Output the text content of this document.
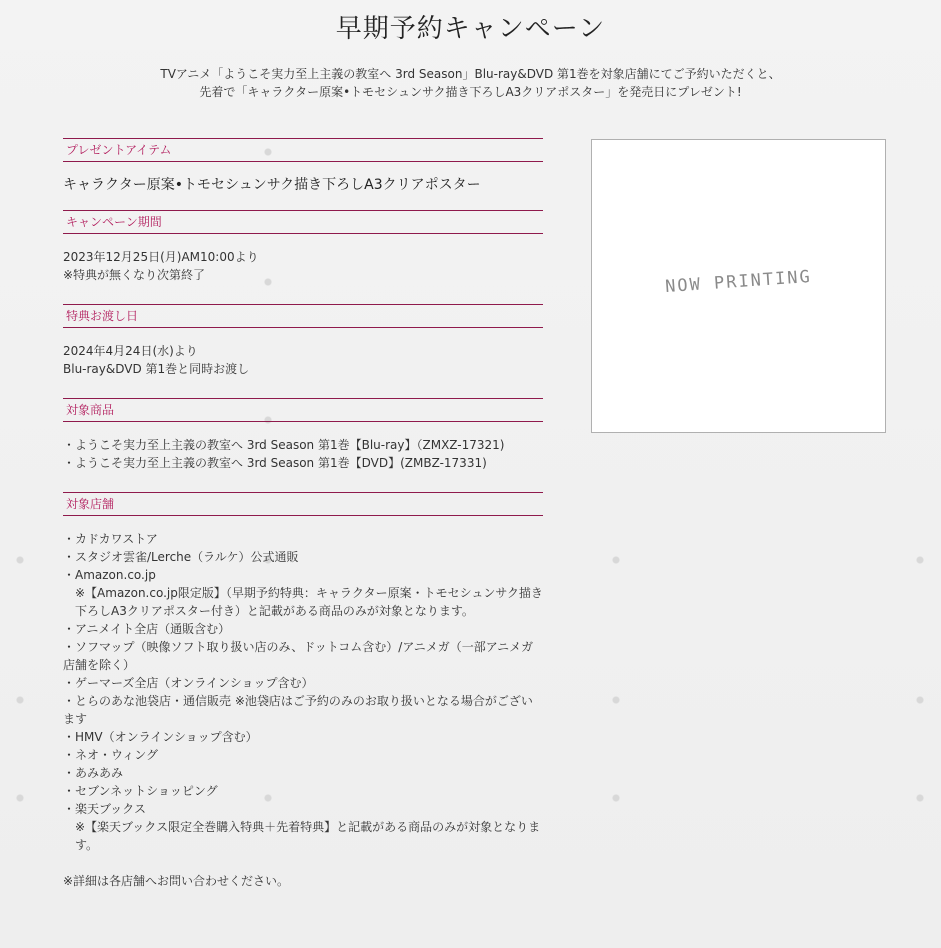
早期予約キャンペーン
TVアニメ「ようこそ実力至上主義の教室へ 3rd Season」Blu-ray&DVD 第1巻を対象店舗にてご予約いただくと、
先着で「キャラクター原案•トモセシュンサク描き下ろしA3クリアポスター」を発売日にプレゼント!
プレゼントアイテム
キャラクター原案•トモセシュンサク描き下ろしA3クリアポスター
キャンペーン期間
2023年12月25日(月)AM10:00より
※特典が無くなり次第終了
特典お渡し日
2024年4月24日(水)より
Blu-ray&DVD 第1巻と同時お渡し
対象商品
・ようこそ実力至上主義の教室へ 3rd Season 第1巻【Blu-ray】（ZMXZ-17321)
・ようこそ実力至上主義の教室へ 3rd Season 第1巻【DVD】(ZMBZ-17331)
対象店舗
・カドカワストア
・スタジオ雲雀/Lerche（ラルケ）公式通販
・Amazon.co.jp
※【Amazon.co.jp限定版】（早期予約特典：キャラクター原案・トモセシュンサク描き下ろしA3クリアポスター付き）と記載がある商品のみが対象となります。
・アニメイト全店（通販含む）
・ソフマップ（映像ソフト取り扱い店のみ、ドットコム含む）/アニメガ（一部アニメガ店舗を除く）
・ゲーマーズ全店（オンラインショップ含む）
・とらのあな池袋店・通信販売 ※池袋店はご予約のみのお取り扱いとなる場合がございます
・HMV（オンラインショップ含む）
・ネオ・ウィング
・あみあみ
・セブンネットショッピング
・楽天ブックス
※【楽天ブックス限定全巻購入特典＋先着特典】と記載がある商品のみが対象となります。
※詳細は各店舗へお問い合わせください。
NOW PRINTING
